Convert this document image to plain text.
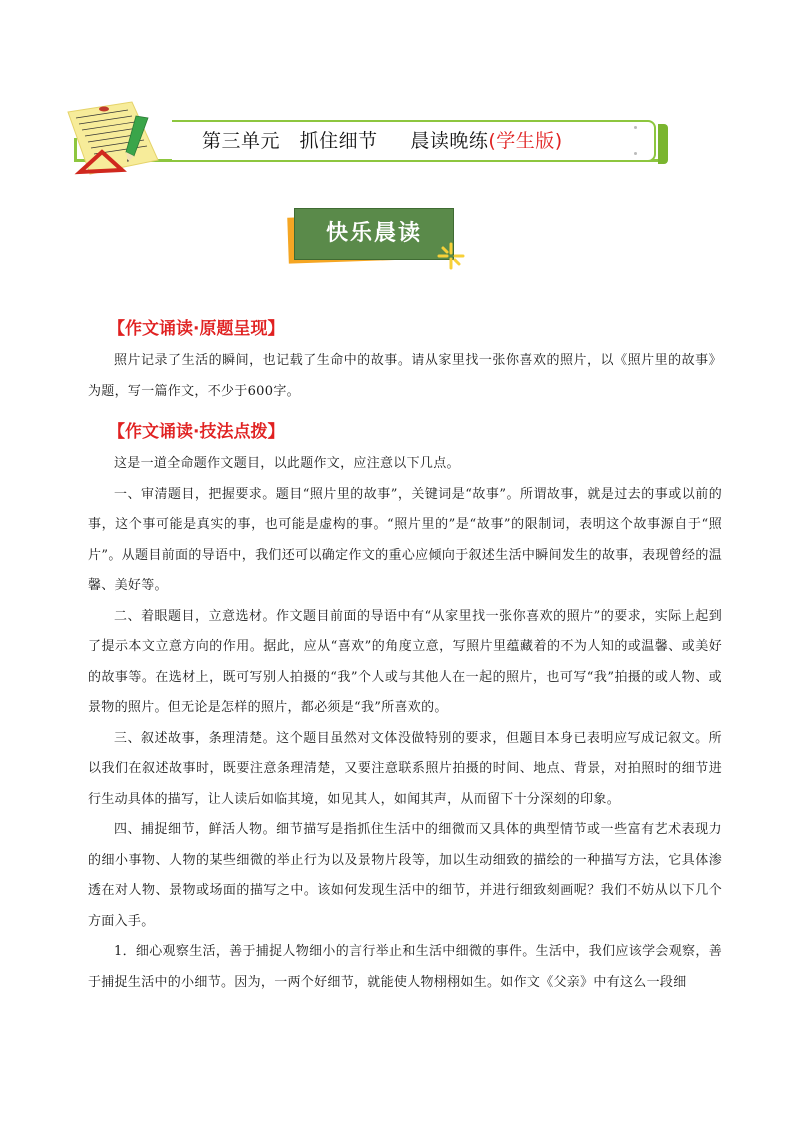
第三单元 抓住细节 晨读晚练(学生版)
快乐晨读
【作文诵读·原题呈现】

照片记录了生活的瞬间，也记载了生命中的故事。请从家里找一张你喜欢的照片，以《照片里的故事》为题，写一篇作文，不少于600字。

【作文诵读·技法点拨】

这是一道全命题作文题目，以此题作文，应注意以下几点。

一、审清题目，把握要求。题目“照片里的故事”，关键词是“故事”。所谓故事，就是过去的事或以前的事，这个事可能是真实的事，也可能是虚构的事。“照片里的”是“故事”的限制词，表明这个故事源自于“照片”。从题目前面的导语中，我们还可以确定作文的重心应倾向于叙述生活中瞬间发生的故事，表现曾经的温馨、美好等。

二、着眼题目，立意选材。作文题目前面的导语中有“从家里找一张你喜欢的照片”的要求，实际上起到了提示本文立意方向的作用。据此，应从“喜欢”的角度立意，写照片里蕴藏着的不为人知的或温馨、或美好的故事等。在选材上，既可写别人拍摄的“我”个人或与其他人在一起的照片，也可写“我”拍摄的或人物、或景物的照片。但无论是怎样的照片，都必须是“我”所喜欢的。

三、叙述故事，条理清楚。这个题目虽然对文体没做特别的要求，但题目本身已表明应写成记叙文。所以我们在叙述故事时，既要注意条理清楚，又要注意联系照片拍摄的时间、地点、背景，对拍照时的细节进行生动具体的描写，让人读后如临其境，如见其人，如闻其声，从而留下十分深刻的印象。

四、捕捉细节，鲜活人物。细节描写是指抓住生活中的细微而又具体的典型情节或一些富有艺术表现力的细小事物、人物的某些细微的举止行为以及景物片段等，加以生动细致的描绘的一种描写方法，它具体渗透在对人物、景物或场面的描写之中。该如何发现生活中的细节，并进行细致刻画呢？我们不妨从以下几个方面入手。

1．细心观察生活，善于捕捉人物细小的言行举止和生活中细微的事件。生活中，我们应该学会观察，善于捕捉生活中的小细节。因为，一两个好细节，就能使人物栩栩如生。如作文《父亲》中有这么一段细
